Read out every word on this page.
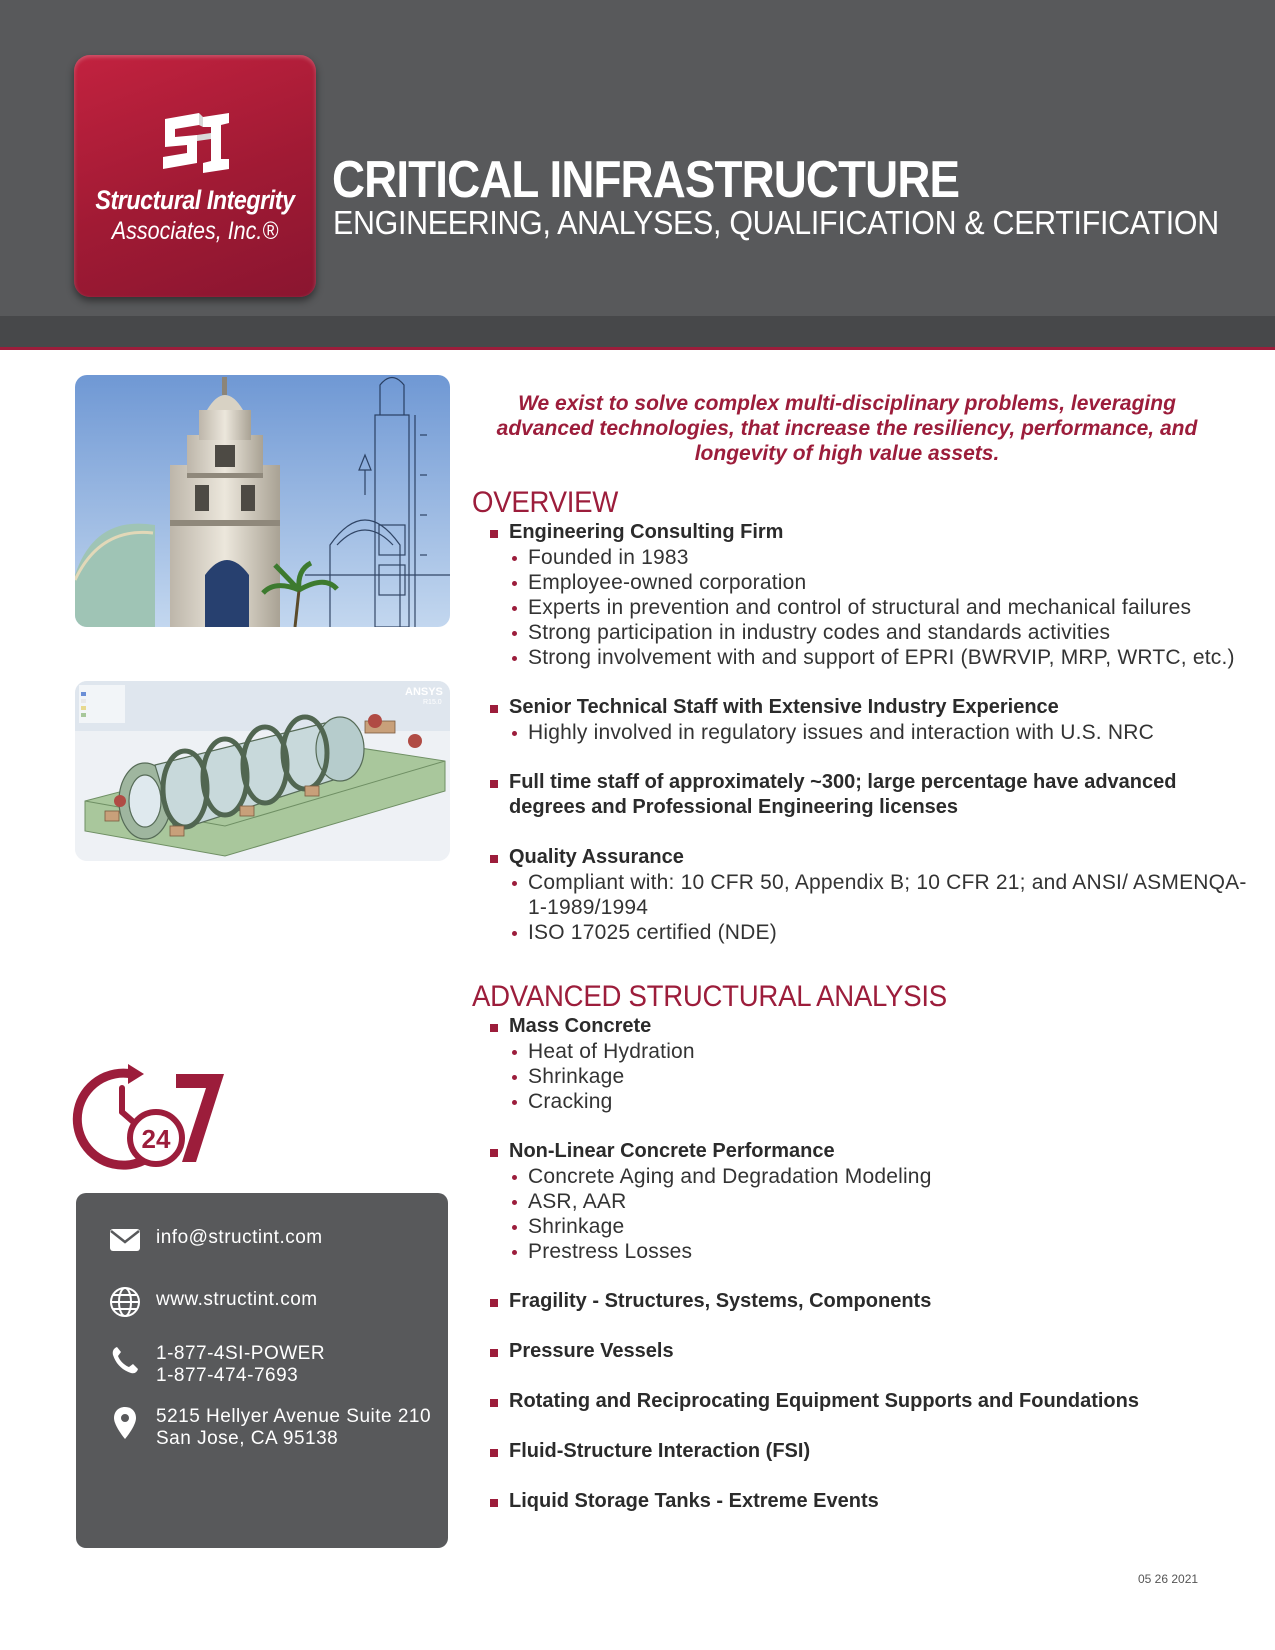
Structural Integrity
Associates, Inc.®
CRITICAL INFRASTRUCTURE
ENGINEERING, ANALYSES, QUALIFICATION & CERTIFICATION
ANSYS
R15.0
24
info@structint.com
www.structint.com
1-877-4SI-POWER
1-877-474-7693
5215 Hellyer Avenue Suite 210
San Jose, CA 95138
We exist to solve complex multi-disciplinary problems, leveraging advanced technologies, that increase the resiliency, performance, and longevity of high value assets.
OVERVIEW
Engineering Consulting Firm
Founded in 1983
Employee-owned corporation
Experts in prevention and control of structural and mechanical failures
Strong participation in industry codes and standards activities
Strong involvement with and support of EPRI (BWRVIP, MRP, WRTC, etc.)
Senior Technical Staff with Extensive Industry Experience
Highly involved in regulatory issues and interaction with U.S. NRC
Full time staff of approximately ~300; large percentage have advanced degrees and Professional Engineering licenses
Quality Assurance
Compliant with: 10 CFR 50, Appendix B; 10 CFR 21; and ANSI/ ASMENQA-1-1989/1994
ISO 17025 certified (NDE)
ADVANCED STRUCTURAL ANALYSIS
Mass Concrete
Heat of Hydration
Shrinkage
Cracking
Non-Linear Concrete Performance
Concrete Aging and Degradation Modeling
ASR, AAR
Shrinkage
Prestress Losses
Fragility - Structures, Systems, Components
Pressure Vessels
Rotating and Reciprocating Equipment Supports and Foundations
Fluid-Structure Interaction (FSI)
Liquid Storage Tanks - Extreme Events
05 26 2021
